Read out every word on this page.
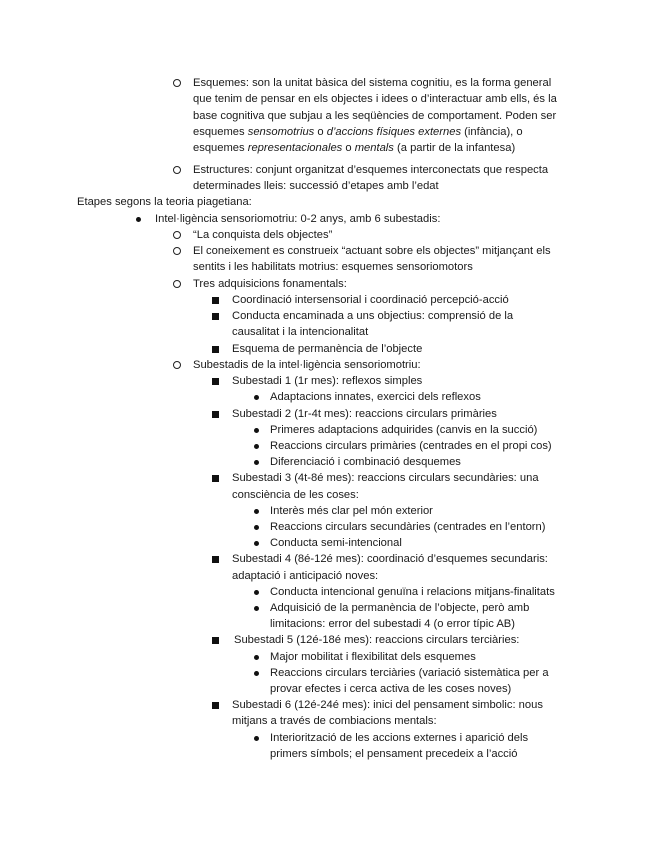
Esquemes: son la unitat bàsica del sistema cognitiu, es la forma general
que tenim de pensar en els objectes i idees o d’interactuar amb ells, és la
base cognitiva que subjau a les seqüències de comportament. Poden ser
esquemes sensomotrius o d’accions físiques externes (infància), o
esquemes representacionales o mentals (a partir de la infantesa)
Estructures: conjunt organitzat d’esquemes interconectats que respecta
determinades lleis: successió d’etapes amb l’edat
Etapes segons la teoria piagetiana:
Intel·ligència sensoriomotriu: 0-2 anys, amb 6 subestadis:
“La conquista dels objectes”
El coneixement es construeix “actuant sobre els objectes” mitjançant els
sentits i les habilitats motrius: esquemes sensoriomotors
Tres adquisicions fonamentals:
Coordinació intersensorial i coordinació percepció-acció
Conducta encaminada a uns objectius: comprensió de la
causalitat i la intencionalitat
Esquema de permanència de l’objecte
Subestadis de la intel·ligència sensoriomotriu:
Subestadi 1 (1r mes): reflexos simples
Adaptacions innates, exercici dels reflexos
Subestadi 2 (1r-4t mes): reaccions circulars primàries
Primeres adaptacions adquirides (canvis en la succió)
Reaccions circulars primàries (centrades en el propi cos)
Diferenciació i combinació desquemes
Subestadi 3 (4t-8é mes): reaccions circulars secundàries: una
consciència de les coses:
Interès més clar pel món exterior
Reaccions circulars secundàries (centrades en l’entorn)
Conducta semi-intencional
Subestadi 4 (8é-12é mes): coordinació d’esquemes secundaris:
adaptació i anticipació noves:
Conducta intencional genuïna i relacions mitjans-finalitats
Adquisició de la permanència de l’objecte, però amb
limitacions: error del subestadi 4 (o error típic AB)
Subestadi 5 (12é-18é mes): reaccions circulars terciàries:
Major mobilitat i flexibilitat dels esquemes
Reaccions circulars terciàries (variació sistemàtica per a
provar efectes i cerca activa de les coses noves)
Subestadi 6 (12é-24é mes): inici del pensament simbolic: nous
mitjans a través de combiacions mentals:
Interiorització de les accions externes i aparició dels
primers símbols; el pensament precedeix a l’acció
